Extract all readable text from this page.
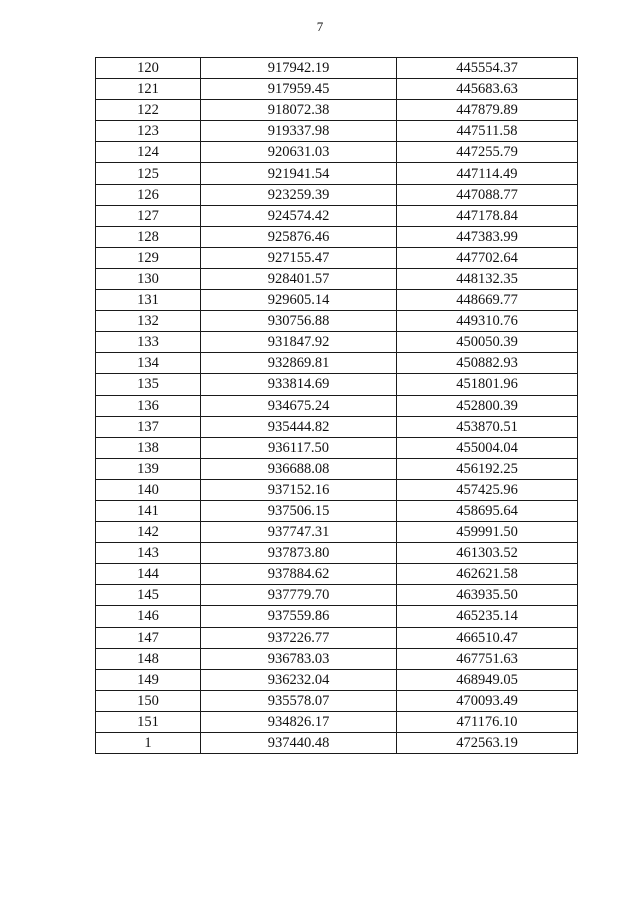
7
120	917942.19	445554.37
121	917959.45	445683.63
122	918072.38	447879.89
123	919337.98	447511.58
124	920631.03	447255.79
125	921941.54	447114.49
126	923259.39	447088.77
127	924574.42	447178.84
128	925876.46	447383.99
129	927155.47	447702.64
130	928401.57	448132.35
131	929605.14	448669.77
132	930756.88	449310.76
133	931847.92	450050.39
134	932869.81	450882.93
135	933814.69	451801.96
136	934675.24	452800.39
137	935444.82	453870.51
138	936117.50	455004.04
139	936688.08	456192.25
140	937152.16	457425.96
141	937506.15	458695.64
142	937747.31	459991.50
143	937873.80	461303.52
144	937884.62	462621.58
145	937779.70	463935.50
146	937559.86	465235.14
147	937226.77	466510.47
148	936783.03	467751.63
149	936232.04	468949.05
150	935578.07	470093.49
151	934826.17	471176.10
1	937440.48	472563.19
